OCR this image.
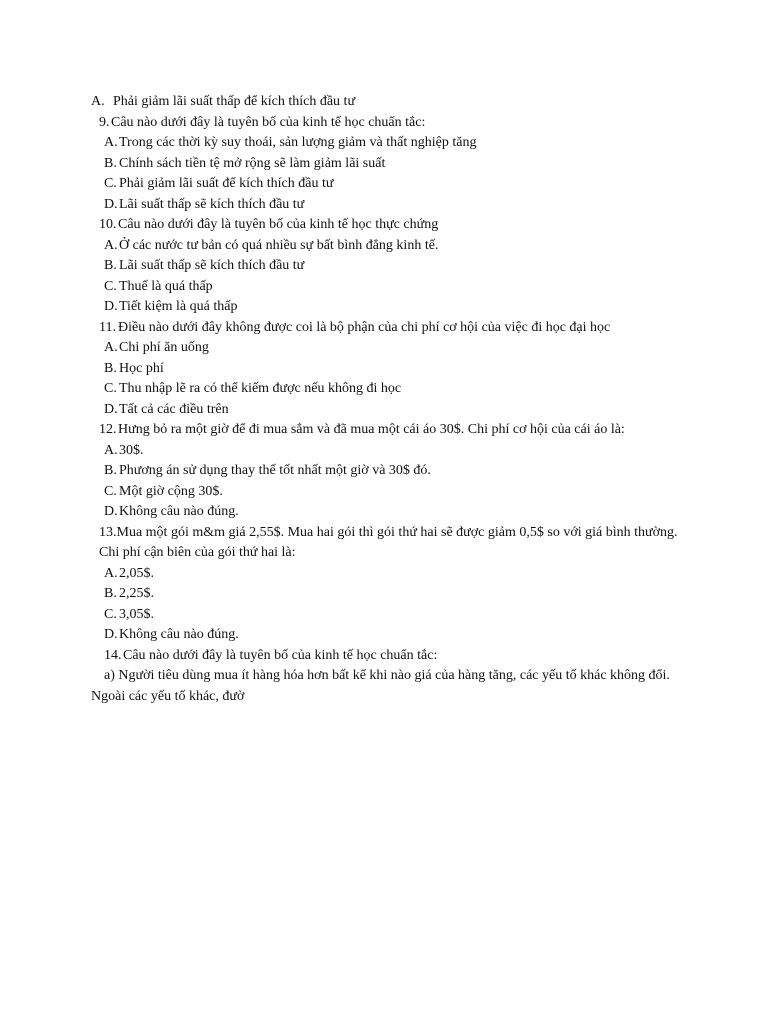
A. Phải giảm lãi suất thấp để kích thích đầu tư
9. Câu nào dưới đây là tuyên bố của kinh tế học chuẩn tắc:
A. Trong các thời kỳ suy thoái, sản lượng giảm và thất nghiệp tăng
B. Chính sách tiền tệ mở rộng sẽ làm giảm lãi suất
C. Phải giảm lãi suất để kích thích đầu tư
D. Lãi suất thấp sẽ kích thích đầu tư
10. Câu nào dưới đây là tuyên bố của kinh tế học thực chứng
A. Ở các nước tư bản có quá nhiều sự bất bình đẳng kinh tế.
B. Lãi suất thấp sẽ kích thích đầu tư
C. Thuế là quá thấp
D. Tiết kiệm là quá thấp
11. Điều nào dưới đây không được coi là bộ phận của chi phí cơ hội của việc đi học đại học
A. Chi phí ăn uống
B. Học phí
C. Thu nhập lẽ ra có thể kiếm được nếu không đi học
D. Tất cả các điều trên
12. Hưng bỏ ra một giờ để đi mua sắm và đã mua một cái áo 30$. Chi phí cơ hội của cái áo là:
A. 30$.
B. Phương án sử dụng thay thế tốt nhất một giờ và 30$ đó.
C. Một giờ cộng 30$.
D. Không câu nào đúng.
13.Mua một gói m&m giá 2,55$. Mua hai gói thì gói thứ hai sẽ được giảm 0,5$ so với giá bình thường. Chi phí cận biên của gói thứ hai là:
A. 2,05$.
B. 2,25$.
C. 3,05$.
D. Không câu nào đúng.
14. Câu nào dưới đây là tuyên bố của kinh tế học chuẩn tắc:
a) Người tiêu dùng mua ít hàng hóa hơn bất kể khi nào giá của hàng tăng, các yếu tố khác không đổi.
Ngoài các yếu tố khác, đườ
